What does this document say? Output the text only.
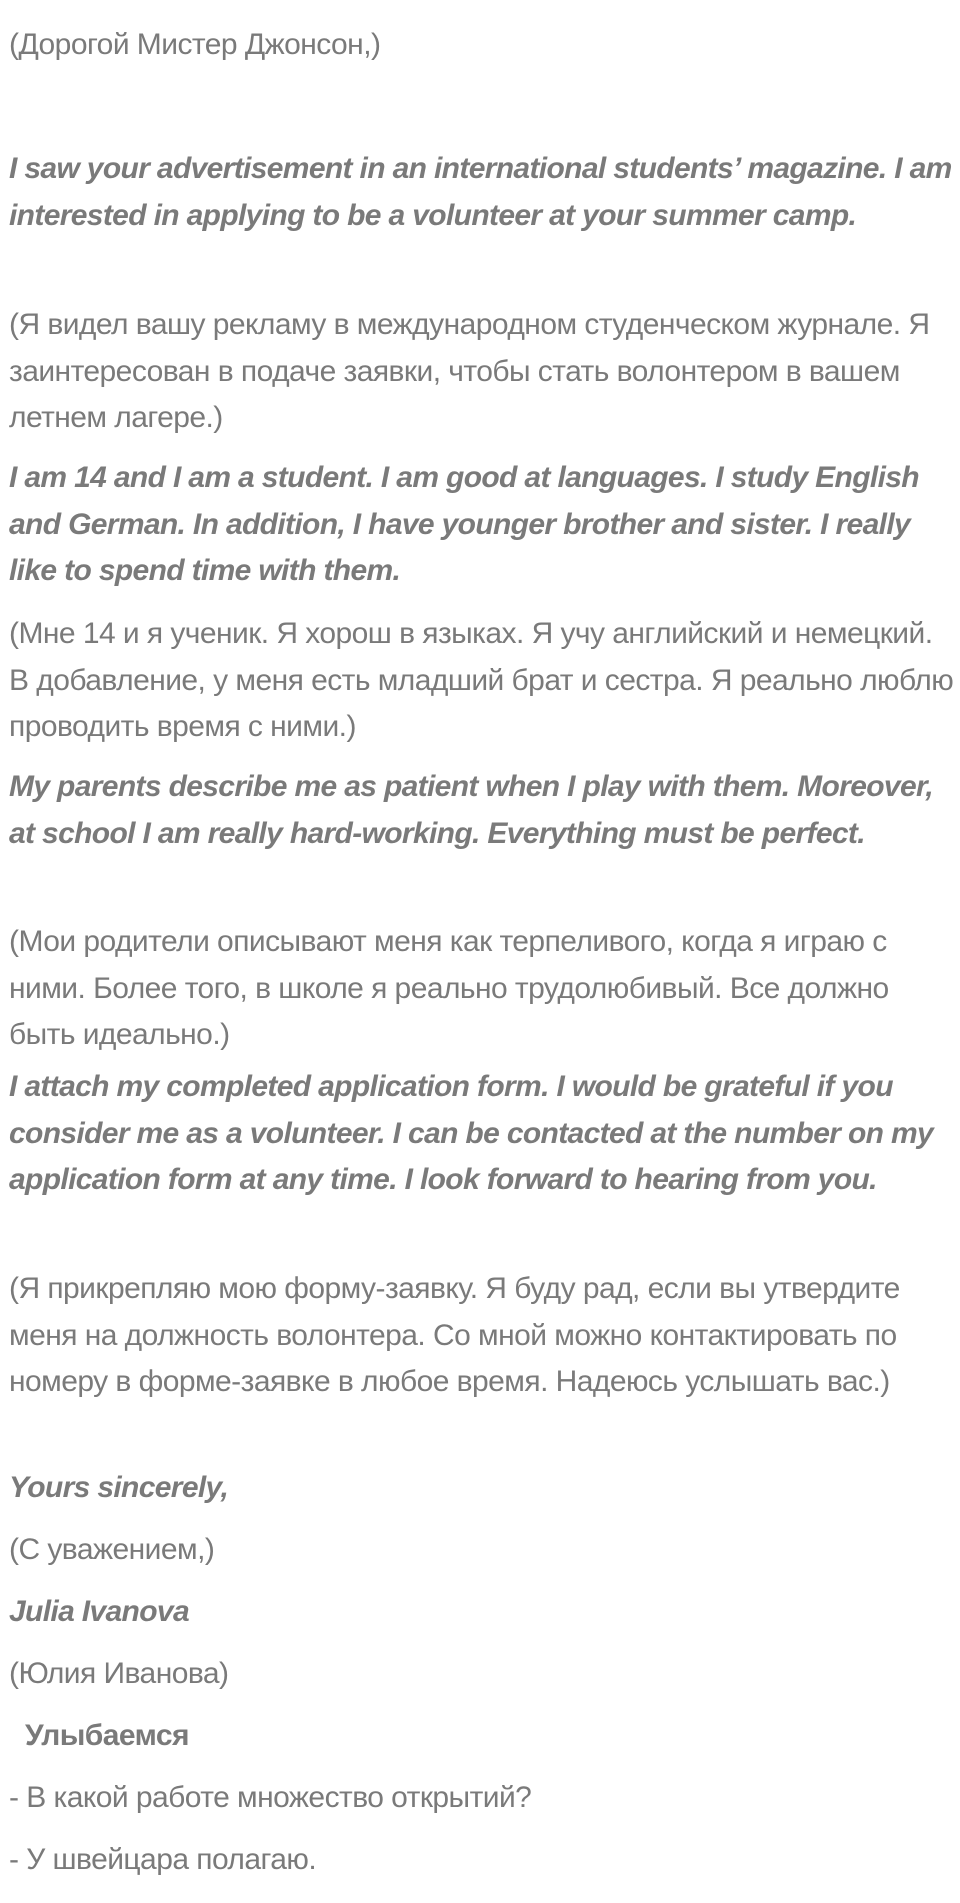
(Дорогой Мистер Джонсон,)

I saw your advertisement in an international students’ magazine. I am interested in applying to be a volunteer at your summer camp.

(Я видел вашу рекламу в международном студенческом журнале. Я заинтересован в подаче заявки, чтобы стать волонтером в вашем летнем лагере.)

I am 14 and I am a student. I am good at languages. I study English and German. In addition, I have younger brother and sister. I really like to spend time with them.

(Мне 14 и я ученик. Я хорош в языках. Я учу английский и немецкий. В добавление, у меня есть младший брат и сестра. Я реально люблю проводить время с ними.)

My parents describe me as patient when I play with them. Moreover, at school I am really hard-working. Everything must be perfect.

(Мои родители описывают меня как терпеливого, когда я играю с ними. Более того, в школе я реально трудолюбивый. Все должно быть идеально.)

I attach my completed application form. I would be grateful if you consider me as a volunteer. I can be contacted at the number on my application form at any time. I look forward to hearing from you.

(Я прикрепляю мою форму-заявку. Я буду рад, если вы утвердите меня на должность волонтера. Со мной можно контактировать по номеру в форме-заявке в любое время. Надеюсь услышать вас.)

Yours sincerely,

(С уважением,)

Julia Ivanova

(Юлия Иванова)

Улыбаемся

- В какой работе множество открытий?

- У швейцара полагаю.
